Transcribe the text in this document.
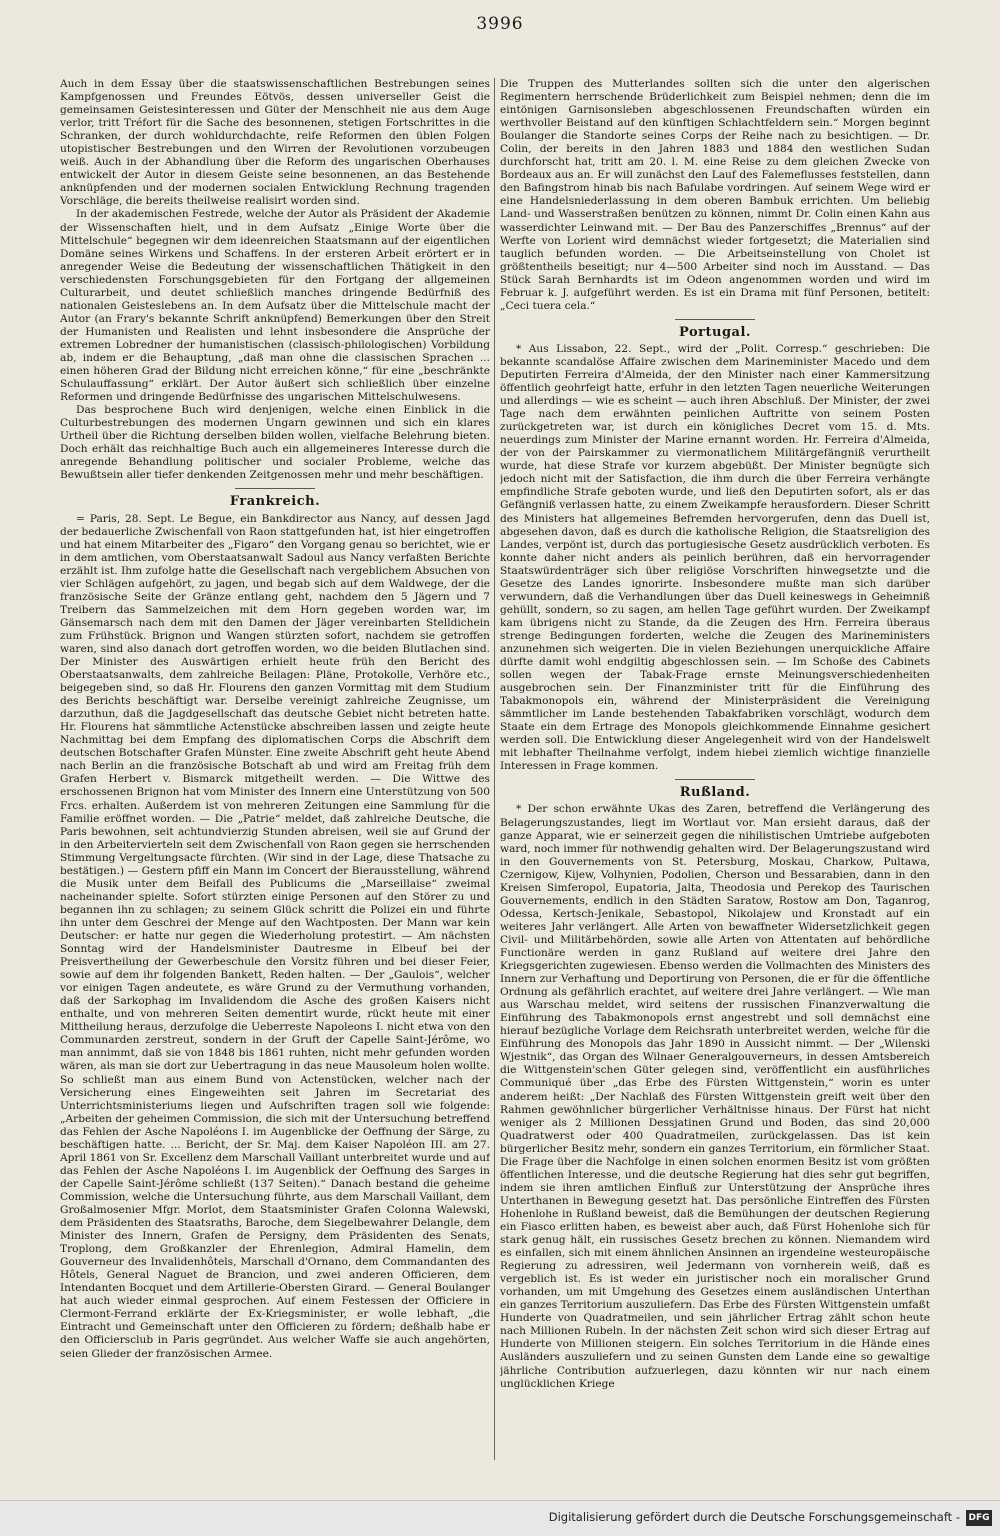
3996

Auch in dem Essay über die staatswissenschaftlichen Bestrebungen seines Kampfgenossen und Freundes Eötvös, dessen universeller Geist die gemeinsamen Geistesinteressen und Güter der Menschheit nie aus dem Auge verlor, tritt Tréfort für die Sache des besonnenen, stetigen Fortschrittes in die Schranken, der durch wohldurchdachte, reife Reformen den üblen Folgen utopistischer Bestrebungen und den Wirren der Revolutionen vorzubeugen weiß. Auch in der Abhandlung über die Reform des ungarischen Oberhauses entwickelt der Autor in diesem Geiste seine besonnenen, an das Bestehende anknüpfenden und der modernen socialen Entwicklung Rechnung tragenden Vorschläge, die bereits theilweise realisirt worden sind.

In der akademischen Festrede, welche der Autor als Präsident der Akademie der Wissenschaften hielt, und in dem Aufsatz „Einige Worte über die Mittelschule“ begegnen wir dem ideenreichen Staatsmann auf der eigentlichen Domäne seines Wirkens und Schaffens. In der ersteren Arbeit erörtert er in anregender Weise die Bedeutung der wissenschaftlichen Thätigkeit in den verschiedensten Forschungsgebieten für den Fortgang der allgemeinen Culturarbeit, und deutet schließlich manches dringende Bedürfniß des nationalen Geisteslebens an. In dem Aufsatz über die Mittelschule macht der Autor (an Frary's bekannte Schrift anknüpfend) Bemerkungen über den Streit der Humanisten und Realisten und lehnt insbesondere die Ansprüche der extremen Lobredner der humanistischen (classisch-philologischen) Vorbildung ab, indem er die Behauptung, „daß man ohne die classischen Sprachen ... einen höheren Grad der Bildung nicht erreichen könne,“ für eine „beschränkte Schulauffassung“ erklärt. Der Autor äußert sich schließlich über einzelne Reformen und dringende Bedürfnisse des ungarischen Mittelschulwesens.

Das besprochene Buch wird denjenigen, welche einen Einblick in die Culturbestrebungen des modernen Ungarn gewinnen und sich ein klares Urtheil über die Richtung derselben bilden wollen, vielfache Belehrung bieten. Doch erhält das reichhaltige Buch auch ein allgemeineres Interesse durch die anregende Behandlung politischer und socialer Probleme, welche das Bewußtsein aller tiefer denkenden Zeitgenossen mehr und mehr beschäftigen.

Frankreich.

= Paris, 28. Sept. Le Begue, ein Bankdirector aus Nancy, auf dessen Jagd der bedauerliche Zwischenfall von Raon stattgefunden hat, ist hier eingetroffen und hat einem Mitarbeiter des „Figaro“ den Vorgang genau so berichtet, wie er in dem amtlichen, vom Oberstaatsanwalt Sadoul aus Nancy verfaßten Berichte erzählt ist. Ihm zufolge hatte die Gesellschaft nach vergeblichem Absuchen von vier Schlägen aufgehört, zu jagen, und begab sich auf dem Waldwege, der die französische Seite der Gränze entlang geht, nachdem den 5 Jägern und 7 Treibern das Sammelzeichen mit dem Horn gegeben worden war, im Gänsemarsch nach dem mit den Damen der Jäger vereinbarten Stelldichein zum Frühstück. Brignon und Wangen stürzten sofort, nachdem sie getroffen waren, sind also danach dort getroffen worden, wo die beiden Blutlachen sind. Der Minister des Auswärtigen erhielt heute früh den Bericht des Oberstaatsanwalts, dem zahlreiche Beilagen: Pläne, Protokolle, Verhöre etc., beigegeben sind, so daß Hr. Flourens den ganzen Vormittag mit dem Studium des Berichts beschäftigt war. Derselbe vereinigt zahlreiche Zeugnisse, um darzuthun, daß die Jagdgesellschaft das deutsche Gebiet nicht betreten hatte. Hr. Flourens hat sämmtliche Actenstücke abschreiben lassen und zeigte heute Nachmittag bei dem Empfang des diplomatischen Corps die Abschrift dem deutschen Botschafter Grafen Münster. Eine zweite Abschrift geht heute Abend nach Berlin an die französische Botschaft ab und wird am Freitag früh dem Grafen Herbert v. Bismarck mitgetheilt werden. — Die Wittwe des erschossenen Brignon hat vom Minister des Innern eine Unterstützung von 500 Frcs. erhalten. Außerdem ist von mehreren Zeitungen eine Sammlung für die Familie eröffnet worden. — Die „Patrie“ meldet, daß zahlreiche Deutsche, die Paris bewohnen, seit achtundvierzig Stunden abreisen, weil sie auf Grund der in den Arbeitervierteln seit dem Zwischenfall von Raon gegen sie herrschenden Stimmung Vergeltungsacte fürchten. (Wir sind in der Lage, diese Thatsache zu bestätigen.) — Gestern pfiff ein Mann im Concert der Bierausstellung, während die Musik unter dem Beifall des Publicums die „Marseillaise“ zweimal nacheinander spielte. Sofort stürzten einige Personen auf den Störer zu und begannen ihn zu schlagen; zu seinem Glück schritt die Polizei ein und führte ihn unter dem Geschrei der Menge auf den Wachtposten. Der Mann war kein Deutscher: er hatte nur gegen die Wiederholung protestirt. — Am nächsten Sonntag wird der Handelsminister Dautresme in Elbeuf bei der Preisvertheilung der Gewerbeschule den Vorsitz führen und bei dieser Feier, sowie auf dem ihr folgenden Bankett, Reden halten. — Der „Gaulois“, welcher vor einigen Tagen andeutete, es wäre Grund zu der Vermuthung vorhanden, daß der Sarkophag im Invalidendom die Asche des großen Kaisers nicht enthalte, und von mehreren Seiten dementirt wurde, rückt heute mit einer Mittheilung heraus, derzufolge die Ueberreste Napoleons I. nicht etwa von den Communarden zerstreut, sondern in der Gruft der Capelle Saint-Jérôme, wo man annimmt, daß sie von 1848 bis 1861 ruhten, nicht mehr gefunden worden wären, als man sie dort zur Uebertragung in das neue Mausoleum holen wollte. So schließt man aus einem Bund von Actenstücken, welcher nach der Versicherung eines Eingeweihten seit Jahren im Secretariat des Unterrichtsministeriums liegen und Aufschriften tragen soll wie folgende: „Arbeiten der geheimen Commission, die sich mit der Untersuchung betreffend das Fehlen der Asche Napoléons I. im Augenblicke der Oeffnung der Särge, zu beschäftigen hatte. ... Bericht, der Sr. Maj. dem Kaiser Napoléon III. am 27. April 1861 von Sr. Excellenz dem Marschall Vaillant unterbreitet wurde und auf das Fehlen der Asche Napoléons I. im Augenblick der Oeffnung des Sarges in der Capelle Saint-Jérôme schließt (137 Seiten).“ Danach bestand die geheime Commission, welche die Untersuchung führte, aus dem Marschall Vaillant, dem Großalmosenier Mfgr. Morlot, dem Staatsminister Grafen Colonna Walewski, dem Präsidenten des Staatsraths, Baroche, dem Siegelbewahrer Delangle, dem Minister des Innern, Grafen de Persigny, dem Präsidenten des Senats, Troplong, dem Großkanzler der Ehrenlegion, Admiral Hamelin, dem Gouverneur des Invalidenhôtels, Marschall d'Ornano, dem Commandanten des Hôtels, General Naguet de Brancion, und zwei anderen Officieren, dem Intendanten Bocquet und dem Artillerie-Obersten Girard. — General Boulanger hat auch wieder einmal gesprochen. Auf einem Festessen der Officiere in Clermont-Ferrand erklärte der Ex-Kriegsminister, er wolle lebhaft, „die Eintracht und Gemeinschaft unter den Officieren zu fördern; deßhalb habe er den Officiersclub in Paris gegründet. Aus welcher Waffe sie auch angehörten, seien Glieder der französischen Armee.

Die Truppen des Mutterlandes sollten sich die unter den algerischen Regimentern herrschende Brüderlichkeit zum Beispiel nehmen; denn die im eintönigen Garnisonsleben abgeschlossenen Freundschaften würden ein werthvoller Beistand auf den künftigen Schlachtfeldern sein.“ Morgen beginnt Boulanger die Standorte seines Corps der Reihe nach zu besichtigen. — Dr. Colin, der bereits in den Jahren 1883 und 1884 den westlichen Sudan durchforscht hat, tritt am 20. l. M. eine Reise zu dem gleichen Zwecke von Bordeaux aus an. Er will zunächst den Lauf des Falemeflusses feststellen, dann den Bafingstrom hinab bis nach Bafulabe vordringen. Auf seinem Wege wird er eine Handelsniederlassung in dem oberen Bambuk errichten. Um beliebig Land- und Wasserstraßen benützen zu können, nimmt Dr. Colin einen Kahn aus wasserdichter Leinwand mit. — Der Bau des Panzerschiffes „Brennus“ auf der Werfte von Lorient wird demnächst wieder fortgesetzt; die Materialien sind tauglich befunden worden. — Die Arbeitseinstellung von Cholet ist größtentheils beseitigt; nur 4—500 Arbeiter sind noch im Ausstand. — Das Stück Sarah Bernhardts ist im Odeon angenommen worden und wird im Februar k. J. aufgeführt werden. Es ist ein Drama mit fünf Personen, betitelt: „Ceci tuera cela.“

Portugal.

* Aus Lissabon, 22. Sept., wird der „Polit. Corresp.“ geschrieben: Die bekannte scandalöse Affaire zwischen dem Marineminister Macedo und dem Deputirten Ferreira d'Almeida, der den Minister nach einer Kammersitzung öffentlich geohrfeigt hatte, erfuhr in den letzten Tagen neuerliche Weiterungen und allerdings — wie es scheint — auch ihren Abschluß. Der Minister, der zwei Tage nach dem erwähnten peinlichen Auftritte von seinem Posten zurückgetreten war, ist durch ein königliches Decret vom 15. d. Mts. neuerdings zum Minister der Marine ernannt worden. Hr. Ferreira d'Almeida, der von der Pairskammer zu viermonatlichem Militärgefängniß verurtheilt wurde, hat diese Strafe vor kurzem abgebüßt. Der Minister begnügte sich jedoch nicht mit der Satisfaction, die ihm durch die über Ferreira verhängte empfindliche Strafe geboten wurde, und ließ den Deputirten sofort, als er das Gefängniß verlassen hatte, zu einem Zweikampfe herausfordern. Dieser Schritt des Ministers hat allgemeines Befremden hervorgerufen, denn das Duell ist, abgesehen davon, daß es durch die katholische Religion, die Staatsreligion des Landes, verpönt ist, durch das portugiesische Gesetz ausdrücklich verboten. Es konnte daher nicht anders als peinlich berühren, daß ein hervorragender Staatswürdenträger sich über religiöse Vorschriften hinwegsetzte und die Gesetze des Landes ignorirte. Insbesondere mußte man sich darüber verwundern, daß die Verhandlungen über das Duell keineswegs in Geheimniß gehüllt, sondern, so zu sagen, am hellen Tage geführt wurden. Der Zweikampf kam übrigens nicht zu Stande, da die Zeugen des Hrn. Ferreira überaus strenge Bedingungen forderten, welche die Zeugen des Marineministers anzunehmen sich weigerten. Die in vielen Beziehungen unerquickliche Affaire dürfte damit wohl endgiltig abgeschlossen sein. — Im Schoße des Cabinets sollen wegen der Tabak-Frage ernste Meinungsverschiedenheiten ausgebrochen sein. Der Finanzminister tritt für die Einführung des Tabakmonopols ein, während der Ministerpräsident die Vereinigung sämmtlicher im Lande bestehenden Tabakfabriken vorschlägt, wodurch dem Staate ein dem Ertrage des Monopols gleichkommende Einnahme gesichert werden soll. Die Entwicklung dieser Angelegenheit wird von der Handelswelt mit lebhafter Theilnahme verfolgt, indem hiebei ziemlich wichtige finanzielle Interessen in Frage kommen.

Rußland.

* Der schon erwähnte Ukas des Zaren, betreffend die Verlängerung des Belagerungszustandes, liegt im Wortlaut vor. Man ersieht daraus, daß der ganze Apparat, wie er seinerzeit gegen die nihilistischen Umtriebe aufgeboten ward, noch immer für nothwendig gehalten wird. Der Belagerungszustand wird in den Gouvernements von St. Petersburg, Moskau, Charkow, Pultawa, Czernigow, Kijew, Volhynien, Podolien, Cherson und Bessarabien, dann in den Kreisen Simferopol, Eupatoria, Jalta, Theodosia und Perekop des Taurischen Gouvernements, endlich in den Städten Saratow, Rostow am Don, Taganrog, Odessa, Kertsch-Jenikale, Sebastopol, Nikolajew und Kronstadt auf ein weiteres Jahr verlängert. Alle Arten von bewaffneter Widersetzlichkeit gegen Civil- und Militärbehörden, sowie alle Arten von Attentaten auf behördliche Functionäre werden in ganz Rußland auf weitere drei Jahre den Kriegsgerichten zugewiesen. Ebenso werden die Vollmachten des Ministers des Innern zur Verhaftung und Deportirung von Personen, die er für die öffentliche Ordnung als gefährlich erachtet, auf weitere drei Jahre verlängert. — Wie man aus Warschau meldet, wird seitens der russischen Finanzverwaltung die Einführung des Tabakmonopols ernst angestrebt und soll demnächst eine hierauf bezügliche Vorlage dem Reichsrath unterbreitet werden, welche für die Einführung des Monopols das Jahr 1890 in Aussicht nimmt. — Der „Wilenski Wjestnik“, das Organ des Wilnaer Generalgouverneurs, in dessen Amtsbereich die Wittgenstein'schen Güter gelegen sind, veröffentlicht ein ausführliches Communiqué über „das Erbe des Fürsten Wittgenstein,“ worin es unter anderem heißt: „Der Nachlaß des Fürsten Wittgenstein greift weit über den Rahmen gewöhnlicher bürgerlicher Verhältnisse hinaus. Der Fürst hat nicht weniger als 2 Millionen Dessjatinen Grund und Boden, das sind 20,000 Quadratwerst oder 400 Quadratmeilen, zurückgelassen. Das ist kein bürgerlicher Besitz mehr, sondern ein ganzes Territorium, ein förmlicher Staat. Die Frage über die Nachfolge in einen solchen enormen Besitz ist vom größten öffentlichen Interesse, und die deutsche Regierung hat dies sehr gut begriffen, indem sie ihren amtlichen Einfluß zur Unterstützung der Ansprüche ihres Unterthanen in Bewegung gesetzt hat. Das persönliche Eintreffen des Fürsten Hohenlohe in Rußland beweist, daß die Bemühungen der deutschen Regierung ein Fiasco erlitten haben, es beweist aber auch, daß Fürst Hohenlohe sich für stark genug hält, ein russisches Gesetz brechen zu können. Niemandem wird es einfallen, sich mit einem ähnlichen Ansinnen an irgendeine westeuropäische Regierung zu adressiren, weil Jedermann von vornherein weiß, daß es vergeblich ist. Es ist weder ein juristischer noch ein moralischer Grund vorhanden, um mit Umgehung des Gesetzes einem ausländischen Unterthan ein ganzes Territorium auszuliefern. Das Erbe des Fürsten Wittgenstein umfaßt Hunderte von Quadratmeilen, und sein jährlicher Ertrag zählt schon heute nach Millionen Rubeln. In der nächsten Zeit schon wird sich dieser Ertrag auf Hunderte von Millionen steigern. Ein solches Territorium in die Hände eines Ausländers auszuliefern und zu seinen Gunsten dem Lande eine so gewaltige jährliche Contribution aufzuerlegen, dazu könnten wir nur nach einem unglücklichen Kriege

Digitalisierung gefördert durch die Deutsche Forschungsgemeinschaft - DFG
